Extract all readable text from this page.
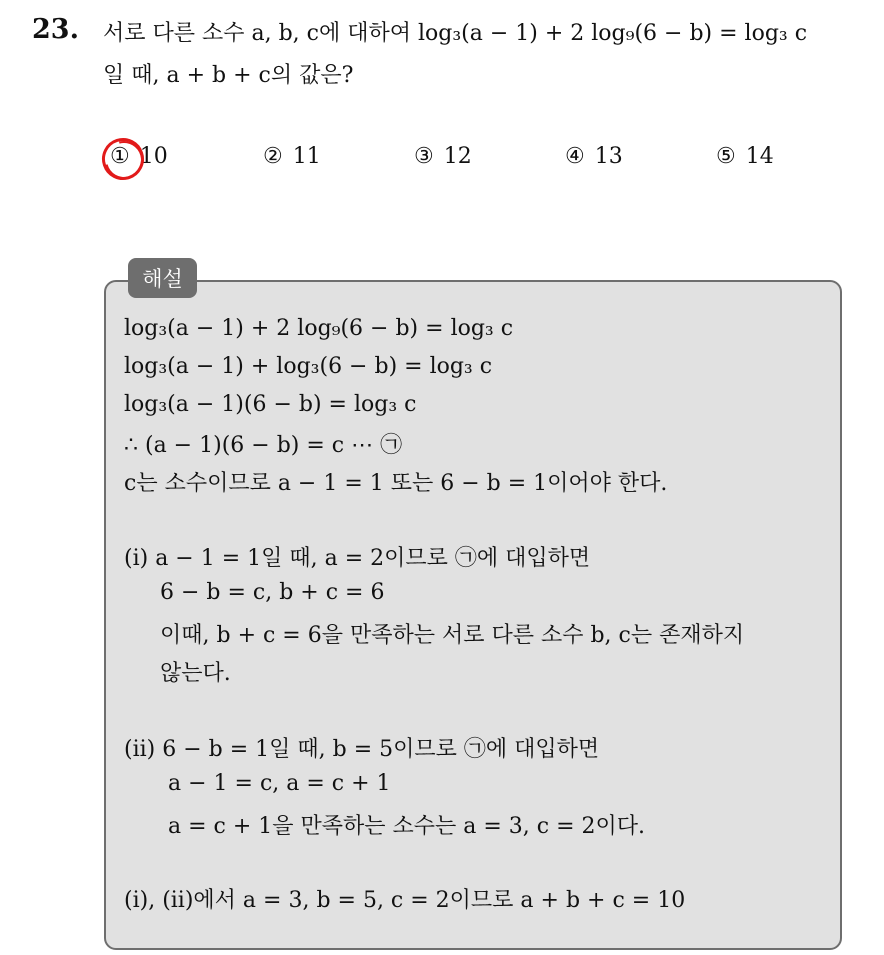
23. 서로 다른 소수 a, b, c에 대하여 log₃(a − 1) + 2 log₉(6 − b) = log₃ c
일 때, a + b + c의 값은?
① 10	② 11	③ 12	④ 13	⑤ 14
해설
log₃(a − 1) + 2 log₉(6 − b) = log₃ c
log₃(a − 1) + log₃(6 − b) = log₃ c
log₃(a − 1)(6 − b) = log₃ c
∴ (a − 1)(6 − b) = c ⋯ ㉠
c는 소수이므로 a − 1 = 1 또는 6 − b = 1이어야 한다.
(i) a − 1 = 1일 때, a = 2이므로 ㉠에 대입하면
6 − b = c, b + c = 6
이때, b + c = 6을 만족하는 서로 다른 소수 b, c는 존재하지
않는다.
(ii) 6 − b = 1일 때, b = 5이므로 ㉠에 대입하면
a − 1 = c, a = c + 1
a = c + 1을 만족하는 소수는 a = 3, c = 2이다.
(i), (ii)에서 a = 3, b = 5, c = 2이므로 a + b + c = 10
